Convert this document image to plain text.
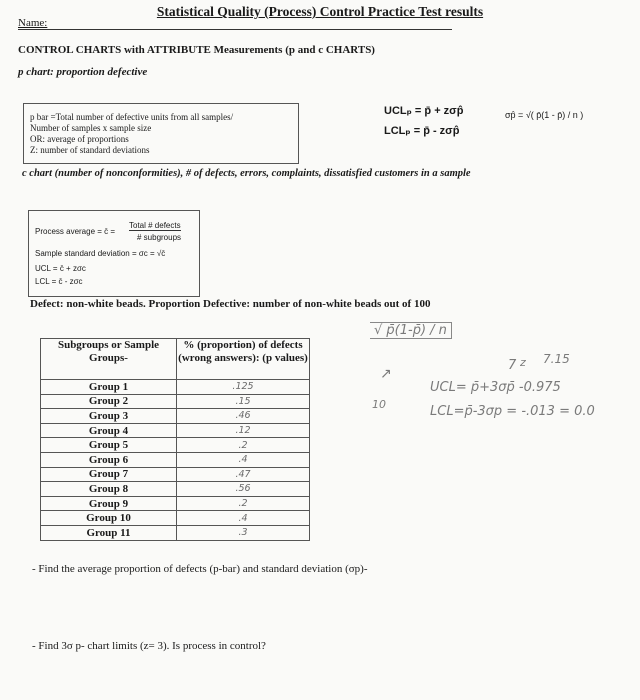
Statistical Quality (Process) Control Practice Test results
Name:
CONTROL CHARTS with ATTRIBUTE Measurements (p and c CHARTS)
p chart: proportion defective
p bar =Total number of defective units from all samples/
Number of samples x sample size
OR: average of proportions
Z: number of standard deviations
UCLₚ = p̄ + zσp̂
LCLₚ = p̄ - zσp̂
σp̂ = √( p̄(1 - p̄) / n )
c chart (number of nonconformities), # of defects, errors, complaints, dissatisfied customers in a sample
Process average = c̄ =
Total # defects
# subgroups
Sample standard deviation = σc = √c̄
UCL = c̄ + zσc
LCL = c̄ - zσc
Defect: non-white beads. Proportion Defective: number of non-white beads out of 100
Subgroups or Sample Groups-	% (proportion) of defects (wrong answers): (p values)
Group 1	.125
Group 2	.15
Group 3	.46
Group 4	.12
Group 5	.2
Group 6	.4
Group 7	.47
Group 8	.56
Group 9	.2
Group 10	.4
Group 11	.3
√ p̄(1-p̄) / n
↗
7 z 7.15
10
UCL= p̄+3σp̄ -0.975
LCL=p̄-3σp = -.013 = 0.0
- Find the average proportion of defects (p-bar) and standard deviation (σp)-
- Find 3σ p- chart limits (z= 3). Is process in control?
